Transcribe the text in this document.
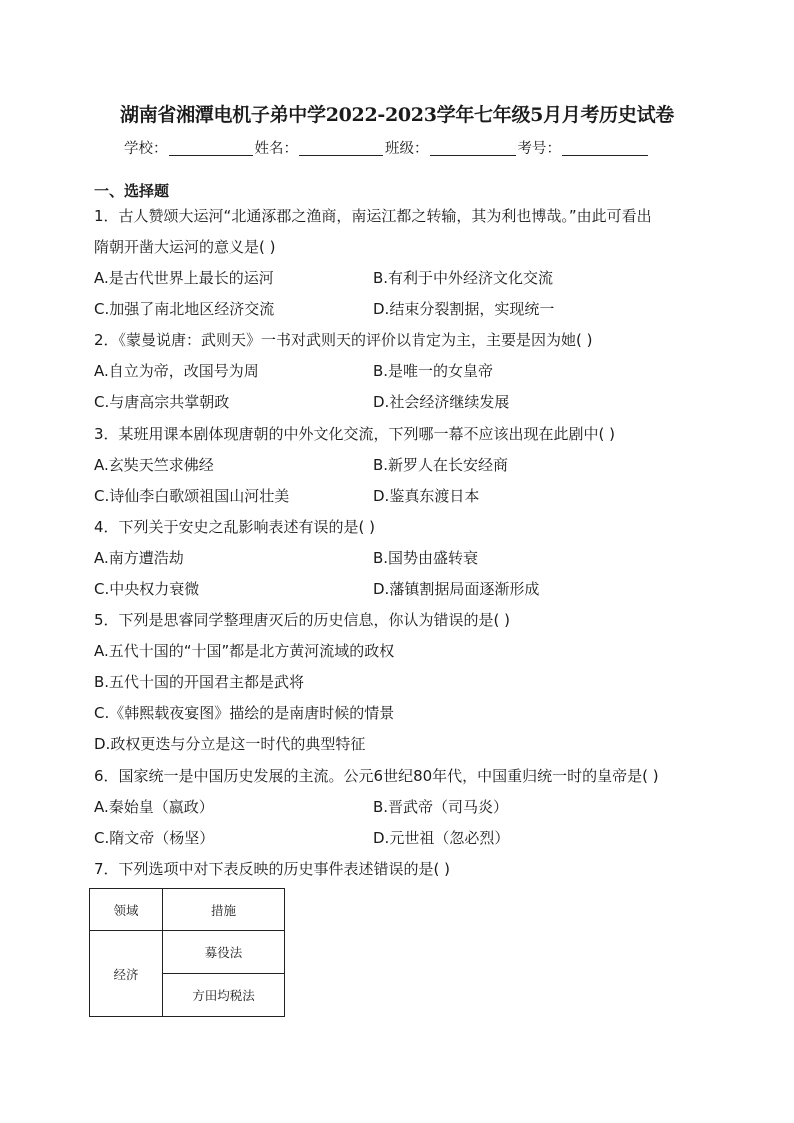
湖南省湘潭电机子弟中学2022-2023学年七年级5月月考历史试卷
学校：	姓名：	班级：	考号：
一、选择题
1．古人赞颂大运河“北通涿郡之渔商，南运江都之转输，其为利也博哉。”由此可看出
隋朝开凿大运河的意义是( )
A.是古代世界上最长的运河	B.有利于中外经济文化交流
C.加强了南北地区经济交流	D.结束分裂割据，实现统一
2．《蒙曼说唐：武则天》一书对武则天的评价以肯定为主，主要是因为她( )
A.自立为帝，改国号为周	B.是唯一的女皇帝
C.与唐高宗共掌朝政	D.社会经济继续发展
3．某班用课本剧体现唐朝的中外文化交流，下列哪一幕不应该出现在此剧中( )
A.玄奘天竺求佛经	B.新罗人在长安经商
C.诗仙李白歌颂祖国山河壮美	D.鉴真东渡日本
4．下列关于安史之乱影响表述有误的是( )
A.南方遭浩劫	B.国势由盛转衰
C.中央权力衰微	D.藩镇割据局面逐渐形成
5．下列是思睿同学整理唐灭后的历史信息，你认为错误的是( )
A.五代十国的“十国”都是北方黄河流域的政权
B.五代十国的开国君主都是武将
C.《韩熙载夜宴图》描绘的是南唐时候的情景
D.政权更迭与分立是这一时代的典型特征
6．国家统一是中国历史发展的主流。公元6世纪80年代，中国重归统一时的皇帝是( )
A.秦始皇（嬴政）	B.晋武帝（司马炎）
C.隋文帝（杨坚）	D.元世祖（忽必烈）
7．下列选项中对下表反映的历史事件表述错误的是( )
领域	措施
经济	募役法
	方田均税法
